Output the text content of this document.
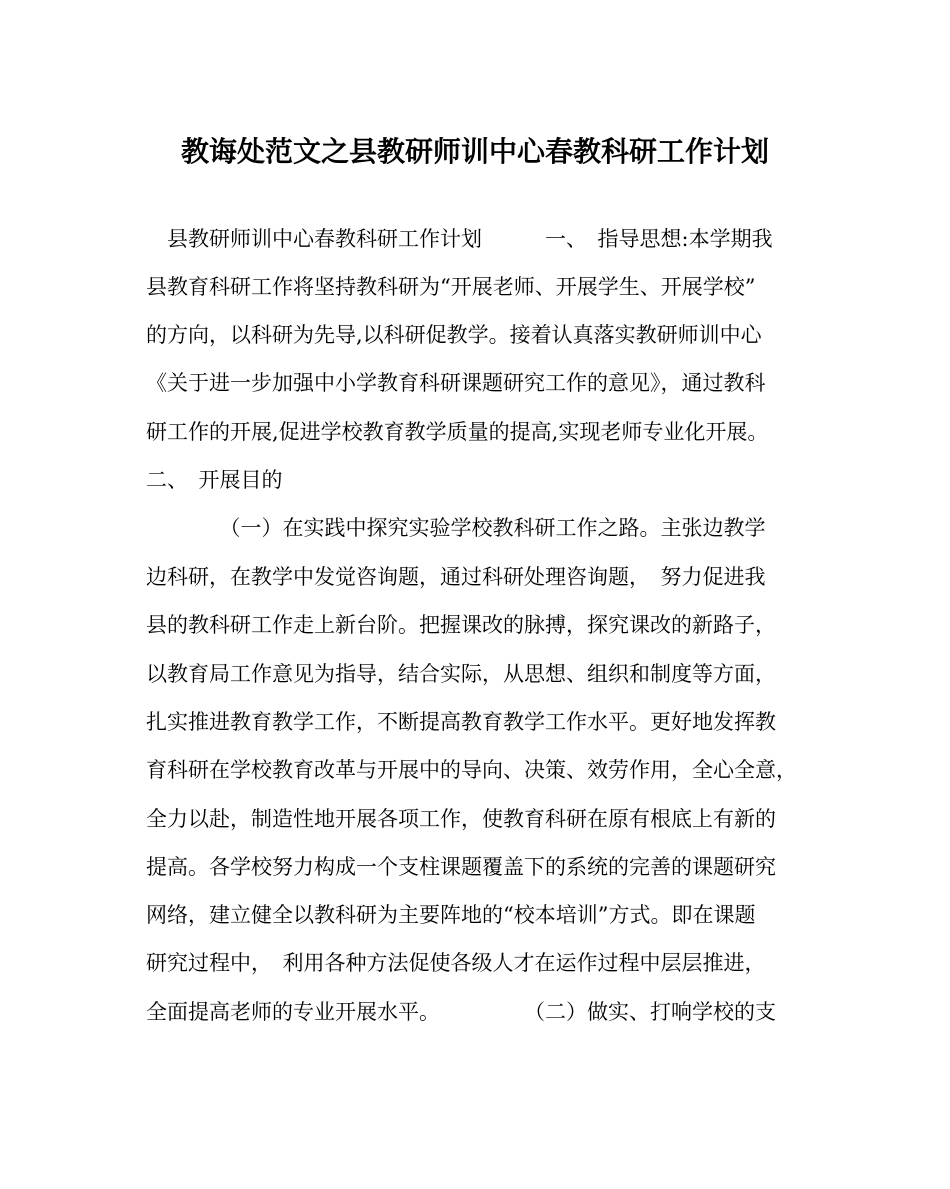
教诲处范文之县教研师训中心春教科研工作计划
　县教研师训中心春教科研工作计划　　　一、　指导思想:本学期我
县教育科研工作将坚持教科研为“开展老师、开展学生、开展学校”
的方向，以科研为先导,以科研促教学。接着认真落实教研师训中心
《关于进一步加强中小学教育科研课题研究工作的意见》，通过教科
研工作的开展,促进学校教育教学质量的提高,实现老师专业化开展。
二、　开展目的
　　　　（一）在实践中探究实验学校教科研工作之路。主张边教学
边科研，在教学中发觉咨询题，通过科研处理咨询题，　努力促进我
县的教科研工作走上新台阶。把握课改的脉搏，探究课改的新路子，
以教育局工作意见为指导，结合实际，从思想、组织和制度等方面，
扎实推进教育教学工作，不断提高教育教学工作水平。更好地发挥教
育科研在学校教育改革与开展中的导向、决策、效劳作用，全心全意，
全力以赴，制造性地开展各项工作，使教育科研在原有根底上有新的
提高。各学校努力构成一个支柱课题覆盖下的系统的完善的课题研究
网络，建立健全以教科研为主要阵地的“校本培训”方式。即在课题
研究过程中，　利用各种方法促使各级人才在运作过程中层层推进，
全面提高老师的专业开展水平。　　　　　（二）做实、打响学校的支
